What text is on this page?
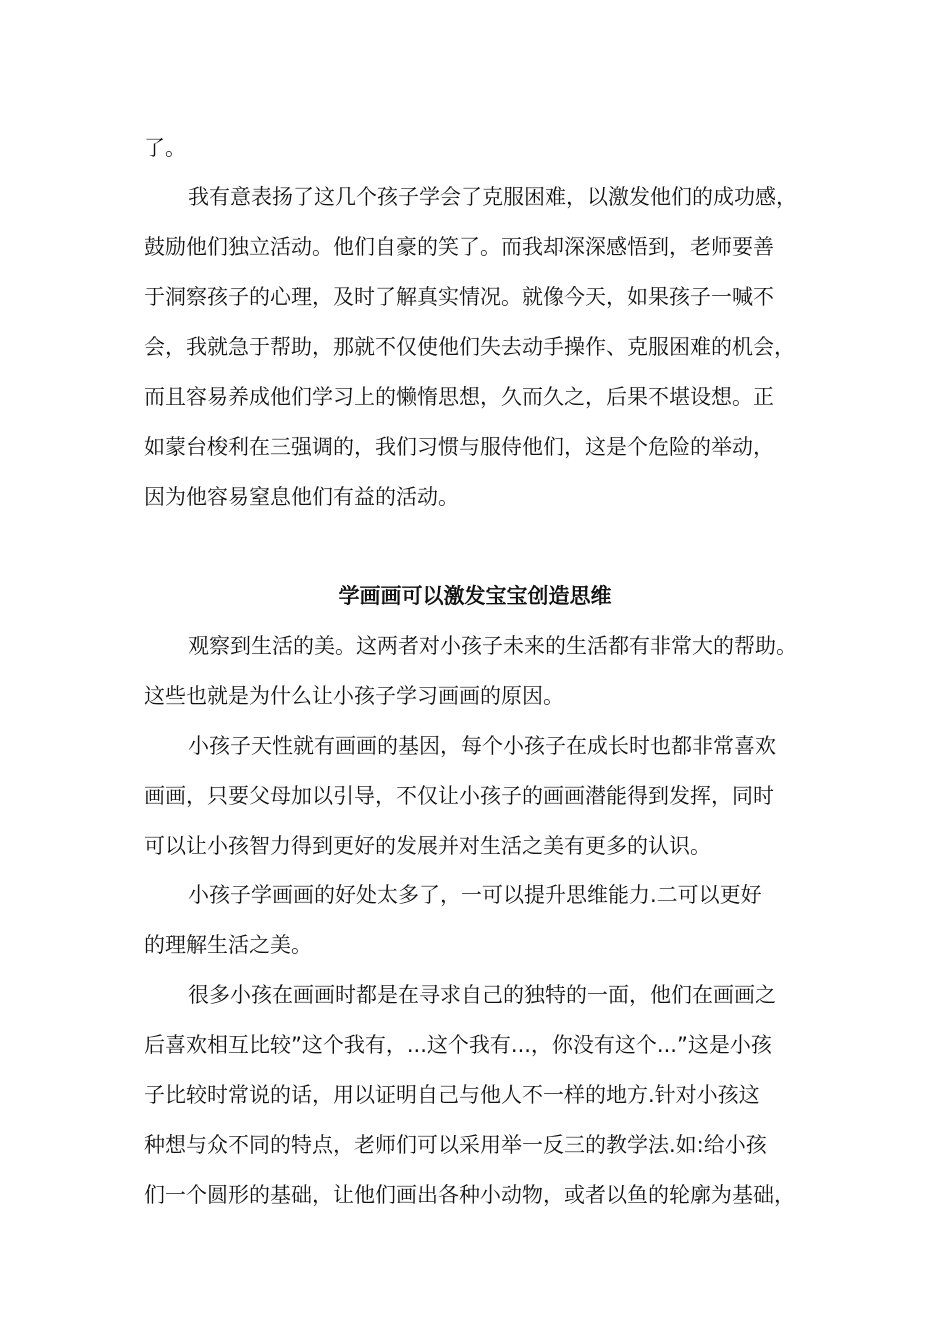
了。
我有意表扬了这几个孩子学会了克服困难，以激发他们的成功感，
鼓励他们独立活动。他们自豪的笑了。而我却深深感悟到，老师要善
于洞察孩子的心理，及时了解真实情况。就像今天，如果孩子一喊不
会，我就急于帮助，那就不仅使他们失去动手操作、克服困难的机会，
而且容易养成他们学习上的懒惰思想，久而久之，后果不堪设想。正
如蒙台梭利在三强调的，我们习惯与服侍他们，这是个危险的举动，
因为他容易窒息他们有益的活动。
学画画可以激发宝宝创造思维
观察到生活的美。这两者对小孩子未来的生活都有非常大的帮助。
这些也就是为什么让小孩子学习画画的原因。
小孩子天性就有画画的基因，每个小孩子在成长时也都非常喜欢
画画，只要父母加以引导，不仅让小孩子的画画潜能得到发挥，同时
可以让小孩智力得到更好的发展并对生活之美有更多的认识。
小孩子学画画的好处太多了，一可以提升思维能力.二可以更好
的理解生活之美。
很多小孩在画画时都是在寻求自己的独特的一面，他们在画画之
后喜欢相互比较”这个我有，...这个我有...，你没有这个...”这是小孩
子比较时常说的话，用以证明自己与他人不一样的地方.针对小孩这
种想与众不同的特点，老师们可以采用举一反三的教学法.如:给小孩
们一个圆形的基础，让他们画出各种小动物，或者以鱼的轮廓为基础，
